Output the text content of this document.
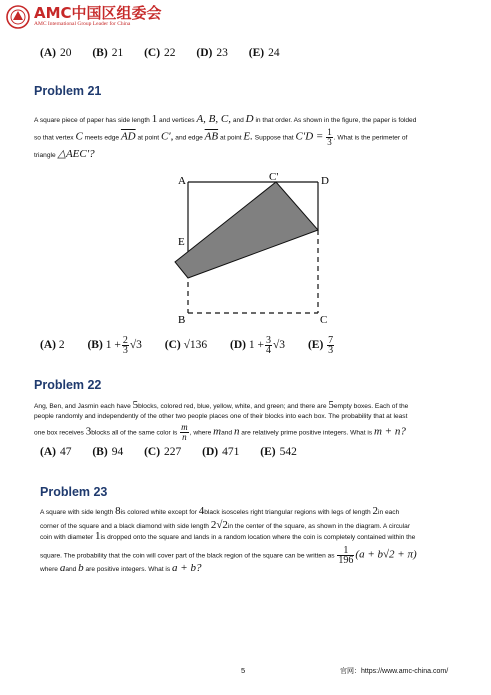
AMC中国区组委会
AMC International Group Leader for China
(A) 20 (B) 21 (C) 22 (D) 23 (E) 24
Problem 21
A square piece of paper has side length 1 and vertices A, B, C, and D in that order. As shown in the figure, the paper is folded
so that vertex C meets edge $\overline{AD}$ at point C′, and edge $\overline{AB}$ at point E. Suppose that $C'D = \frac{1}{3}$ . What is the perimeter of
triangle △AEC′?
A	C'	D
E
B	C
(A) 2 (B) $1 + \frac{2}{3} √3$ (C) √136 (D) $1 + \frac{3}{4} √3$ $(E) \frac{7}{3}$
Problem 22
Ang, Ben, and Jasmin each have 5blocks, colored red, blue, yellow, white, and green; and there are 5empty boxes. Each of the
people randomly and independently of the other two people places one of their blocks into each box. The probability that at least
one box receives 3blocks all of the same color is $\frac{m}{n}$ , where mand n are relatively prime positive integers. What is m + n?
(A) 47 (B) 94 (C) 227 (D) 471 (E) 542
Problem 23
A square with side length 8is colored white except for 4black isosceles right triangular regions with legs of length 2in each
corner of the square and a black diamond with side length 2√2in the center of the square, as shown in the diagram. A circular
coin with diameter 1is dropped onto the square and lands in a random location where the coin is completely contained within the
square. The probability that the coin will cover part of the black region of the square can be written as $\frac{1}{196} (a + b√2 + \pi)$
where aand b are positive integers. What is a + b?
5	官网：https://www.amc-china.com/
